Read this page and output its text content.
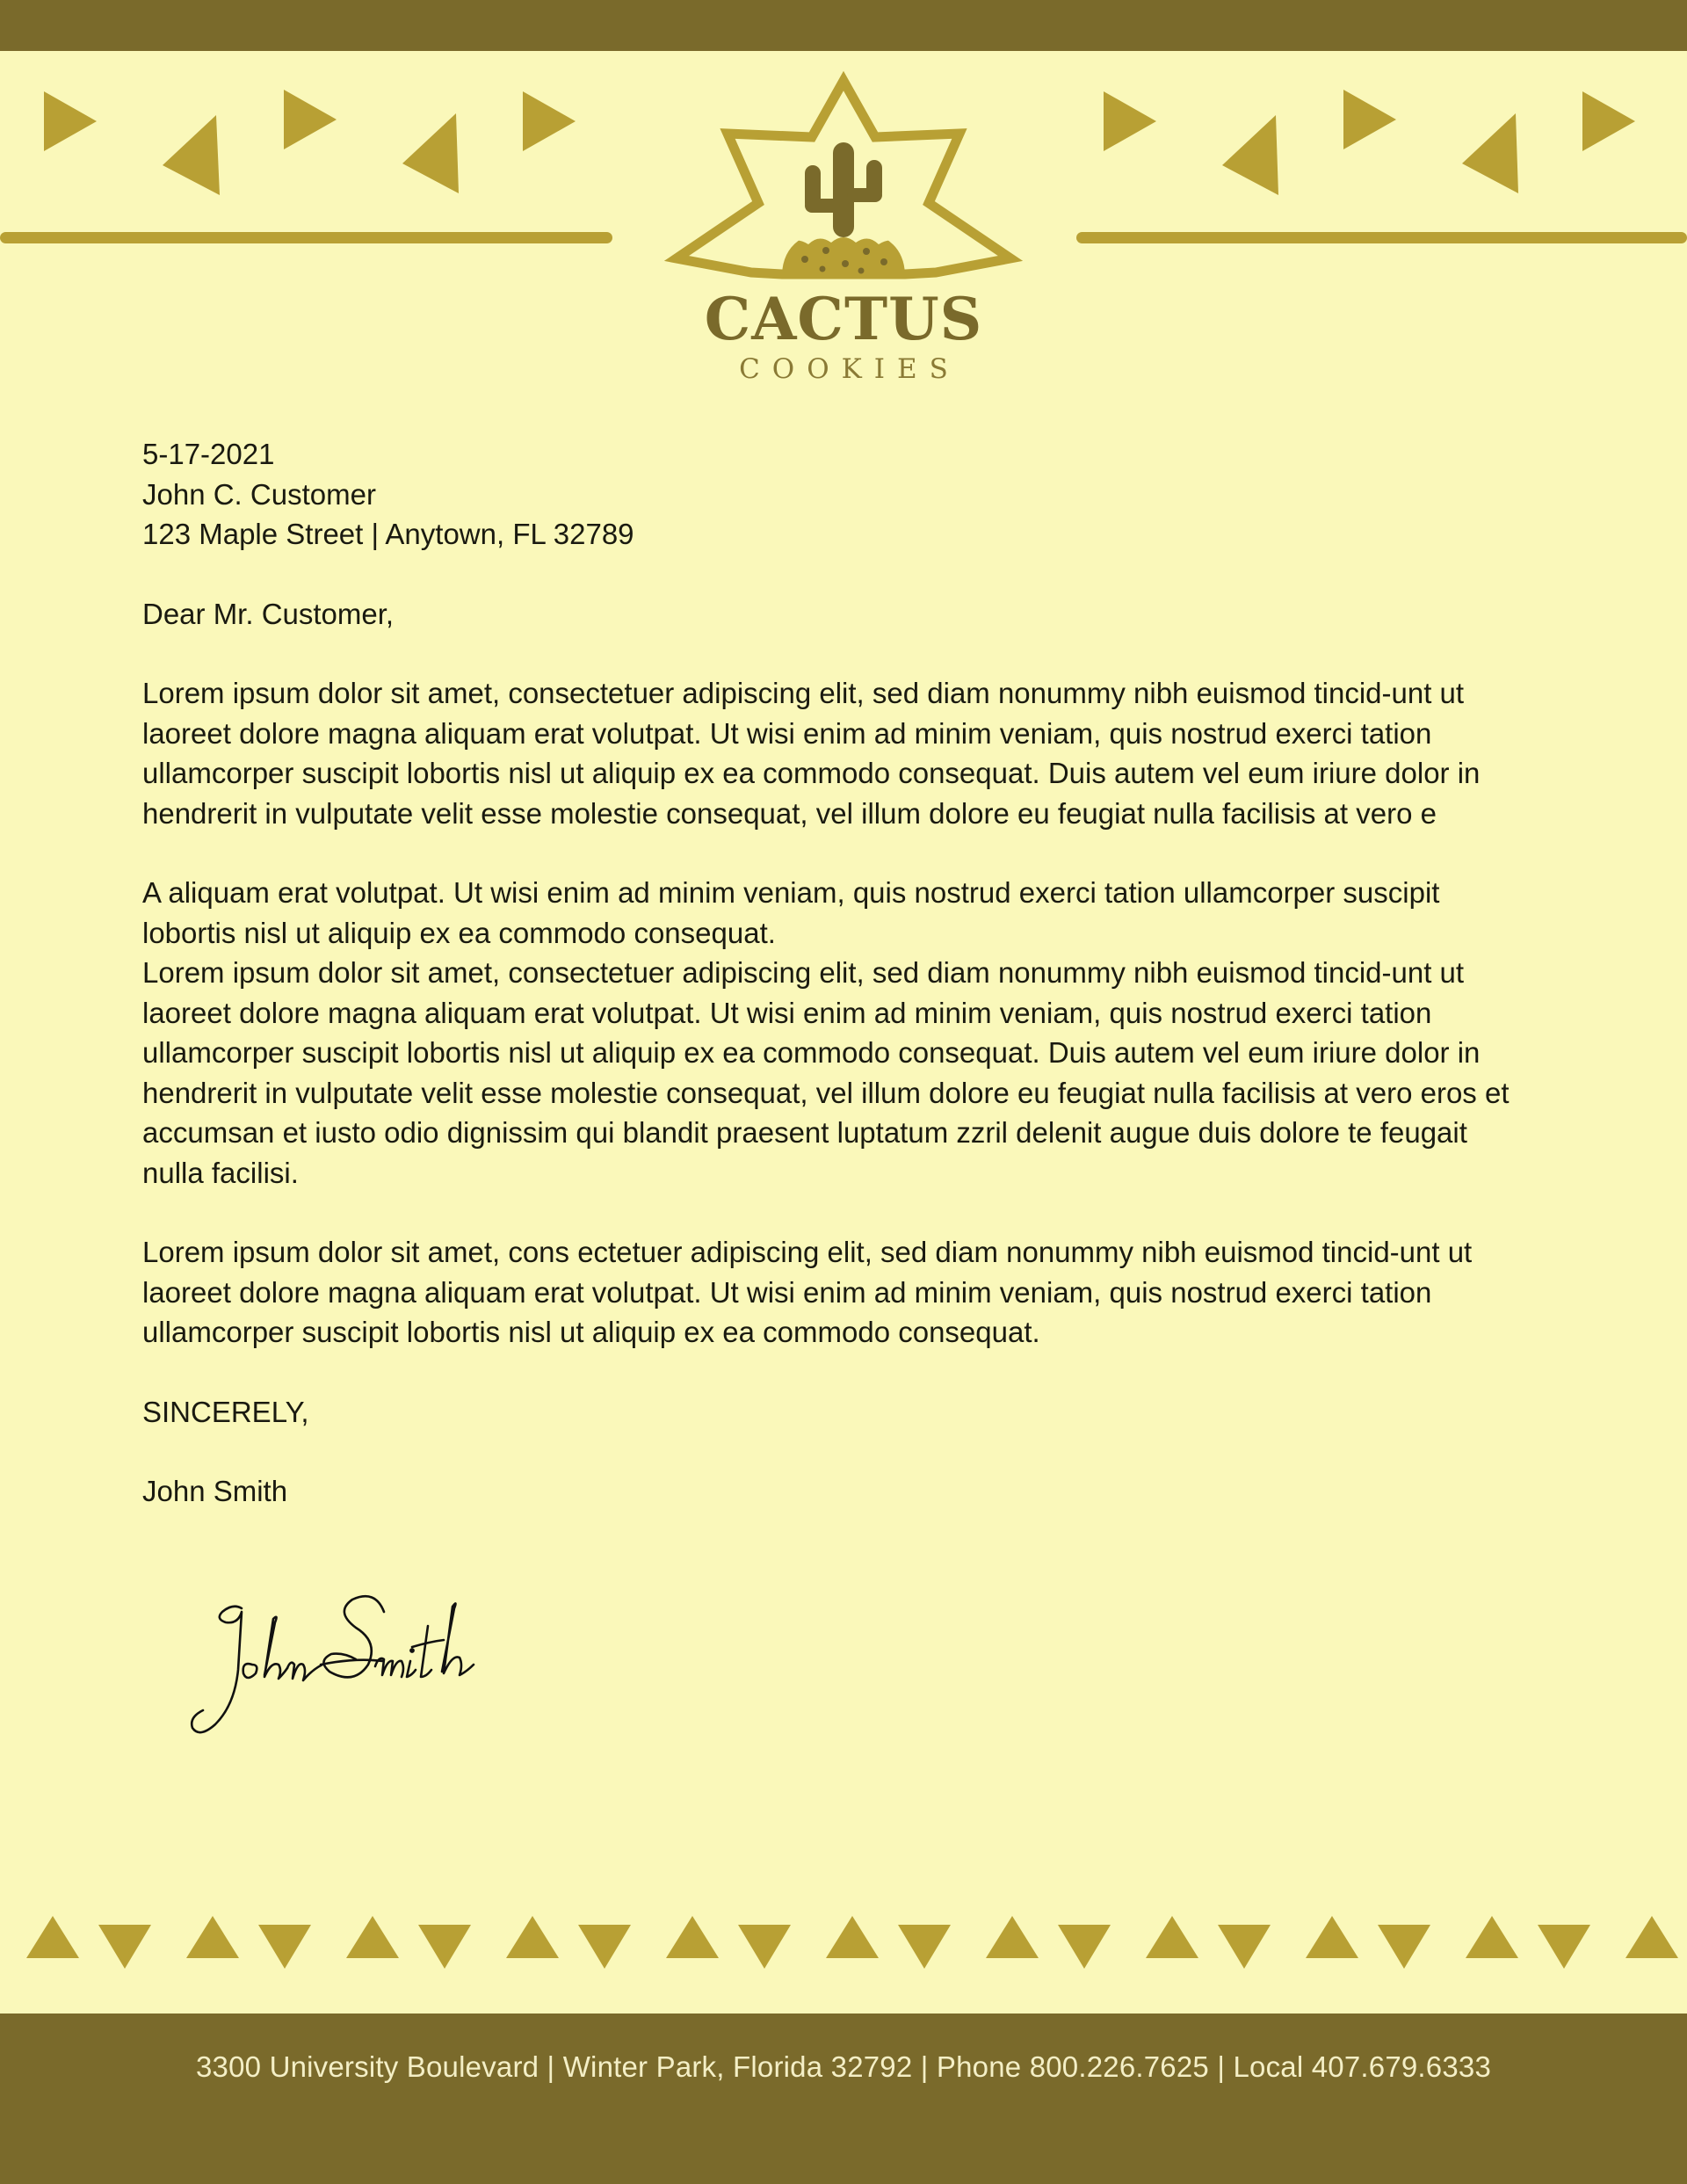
CACTUS
COOKIES

5-17-2021

John C. Customer

123 Maple Street | Anytown, FL 32789

Dear Mr. Customer,

Lorem ipsum dolor sit amet, consectetuer adipiscing elit, sed diam nonummy nibh euismod tincid-unt ut laoreet dolore magna aliquam erat volutpat. Ut wisi enim ad minim veniam, quis nostrud exerci tation ullamcorper suscipit lobortis nisl ut aliquip ex ea commodo consequat. Duis autem vel eum iriure dolor in hendrerit in vulputate velit esse molestie consequat, vel illum dolore eu feugiat nulla facilisis at vero e

A aliquam erat volutpat. Ut wisi enim ad minim veniam, quis nostrud exerci tation ullamcorper suscipit lobortis nisl ut aliquip ex ea commodo consequat.

Lorem ipsum dolor sit amet, consectetuer adipiscing elit, sed diam nonummy nibh euismod tincid-unt ut laoreet dolore magna aliquam erat volutpat. Ut wisi enim ad minim veniam, quis nostrud exerci tation ullamcorper suscipit lobortis nisl ut aliquip ex ea commodo consequat. Duis autem vel eum iriure dolor in hendrerit in vulputate velit esse molestie consequat, vel illum dolore eu feugiat nulla facilisis at vero eros et accumsan et iusto odio dignissim qui blandit praesent luptatum zzril delenit augue duis dolore te feugait nulla facilisi.

Lorem ipsum dolor sit amet, cons ectetuer adipiscing elit, sed diam nonummy nibh euismod tincid-unt ut laoreet dolore magna aliquam erat volutpat. Ut wisi enim ad minim veniam, quis nostrud exerci tation ullamcorper suscipit lobortis nisl ut aliquip ex ea commodo consequat.

SINCERELY,

John Smith

3300 University Boulevard | Winter Park, Florida 32792 | Phone 800.226.7625 | Local 407.679.6333
